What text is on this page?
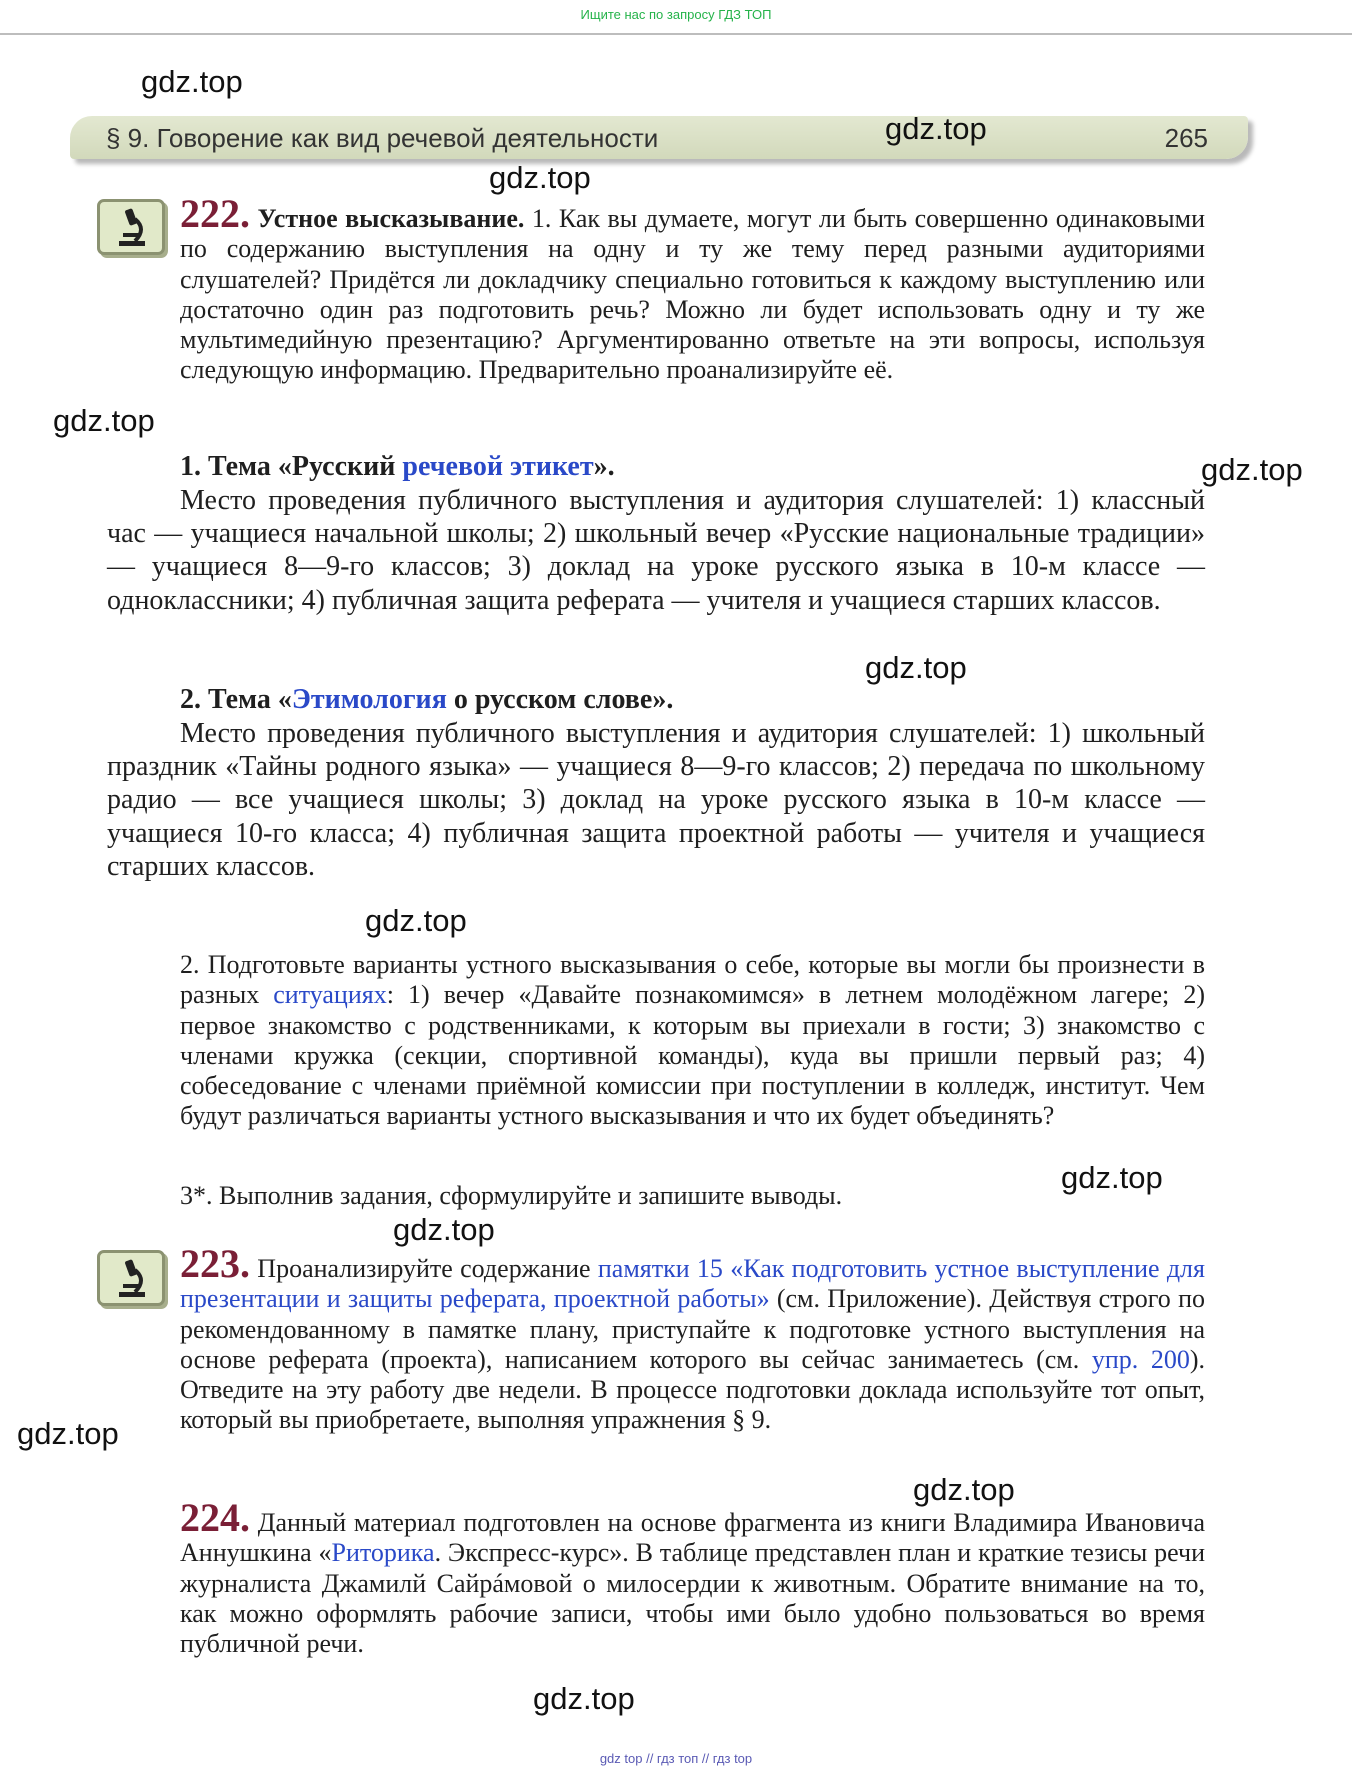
Ищите нас по запросу ГДЗ ТОП
§ 9. Говорение как вид речевой деятельности	265

222. Устное высказывание. 1. Как вы думаете, могут ли быть совершенно одинаковыми по содержанию выступления на одну и ту же тему перед разными аудиториями слушателей? Придётся ли докладчику специально готовиться к каждому выступлению или достаточно один раз подготовить речь? Можно ли будет использовать одну и ту же мультимедийную презентацию? Аргументированно ответьте на эти вопросы, используя следующую информацию. Предварительно проанализируйте её.

1. Тема «Русский речевой этикет».

Место проведения публичного выступления и аудитория слушателей: 1) классный час — учащиеся начальной школы; 2) школьный вечер «Русские национальные традиции» — учащиеся 8—9-го классов; 3) доклад на уроке русского языка в 10-м классе — одноклассники; 4) публичная защита реферата — учителя и учащиеся старших классов.

2. Тема «Этимология о русском слове».

Место проведения публичного выступления и аудитория слушателей: 1) школьный праздник «Тайны родного языка» — учащиеся 8—9-го классов; 2) передача по школьному радио — все учащиеся школы; 3) доклад на уроке русского языка в 10-м классе — учащиеся 10-го класса; 4) публичная защита проектной работы — учителя и учащиеся старших классов.

2. Подготовьте варианты устного высказывания о себе, которые вы могли бы произнести в разных ситуациях: 1) вечер «Давайте познакомимся» в летнем молодёжном лагере; 2) первое знакомство с родственниками, к которым вы приехали в гости; 3) знакомство с членами кружка (секции, спортивной команды), куда вы пришли первый раз; 4) собеседование с членами приёмной комиссии при поступлении в колледж, институт. Чем будут различаться варианты устного высказывания и что их будет объединять?

3*. Выполнив задания, сформулируйте и запишите выводы.

223. Проанализируйте содержание памятки 15 «Как подготовить устное выступление для презентации и защиты реферата, проектной работы» (см. Приложение). Действуя строго по рекомендованному в памятке плану, приступайте к подготовке устного выступления на основе реферата (проекта), написанием которого вы сейчас занимаетесь (см. упр. 200). Отведите на эту работу две недели. В процессе подготовки доклада используйте тот опыт, который вы приобретаете, выполняя упражнения § 9.

224. Данный материал подготовлен на основе фрагмента из книги Владимира Ивановича Аннушкина «Риторика. Экспресс-курс». В таблице представлен план и краткие тезисы речи журналиста Джамилй Сайрáмовой о милосердии к животным. Обратите внимание на то, как можно оформлять рабочие записи, чтобы ими было удобно пользоваться во время публичной речи.

gdz.top
gdz.top
gdz.top
gdz.top
gdz.top
gdz.top
gdz.top
gdz.top
gdz.top
gdz.top
gdz.top
gdz.top
gdz top // гдз топ // гдз top
